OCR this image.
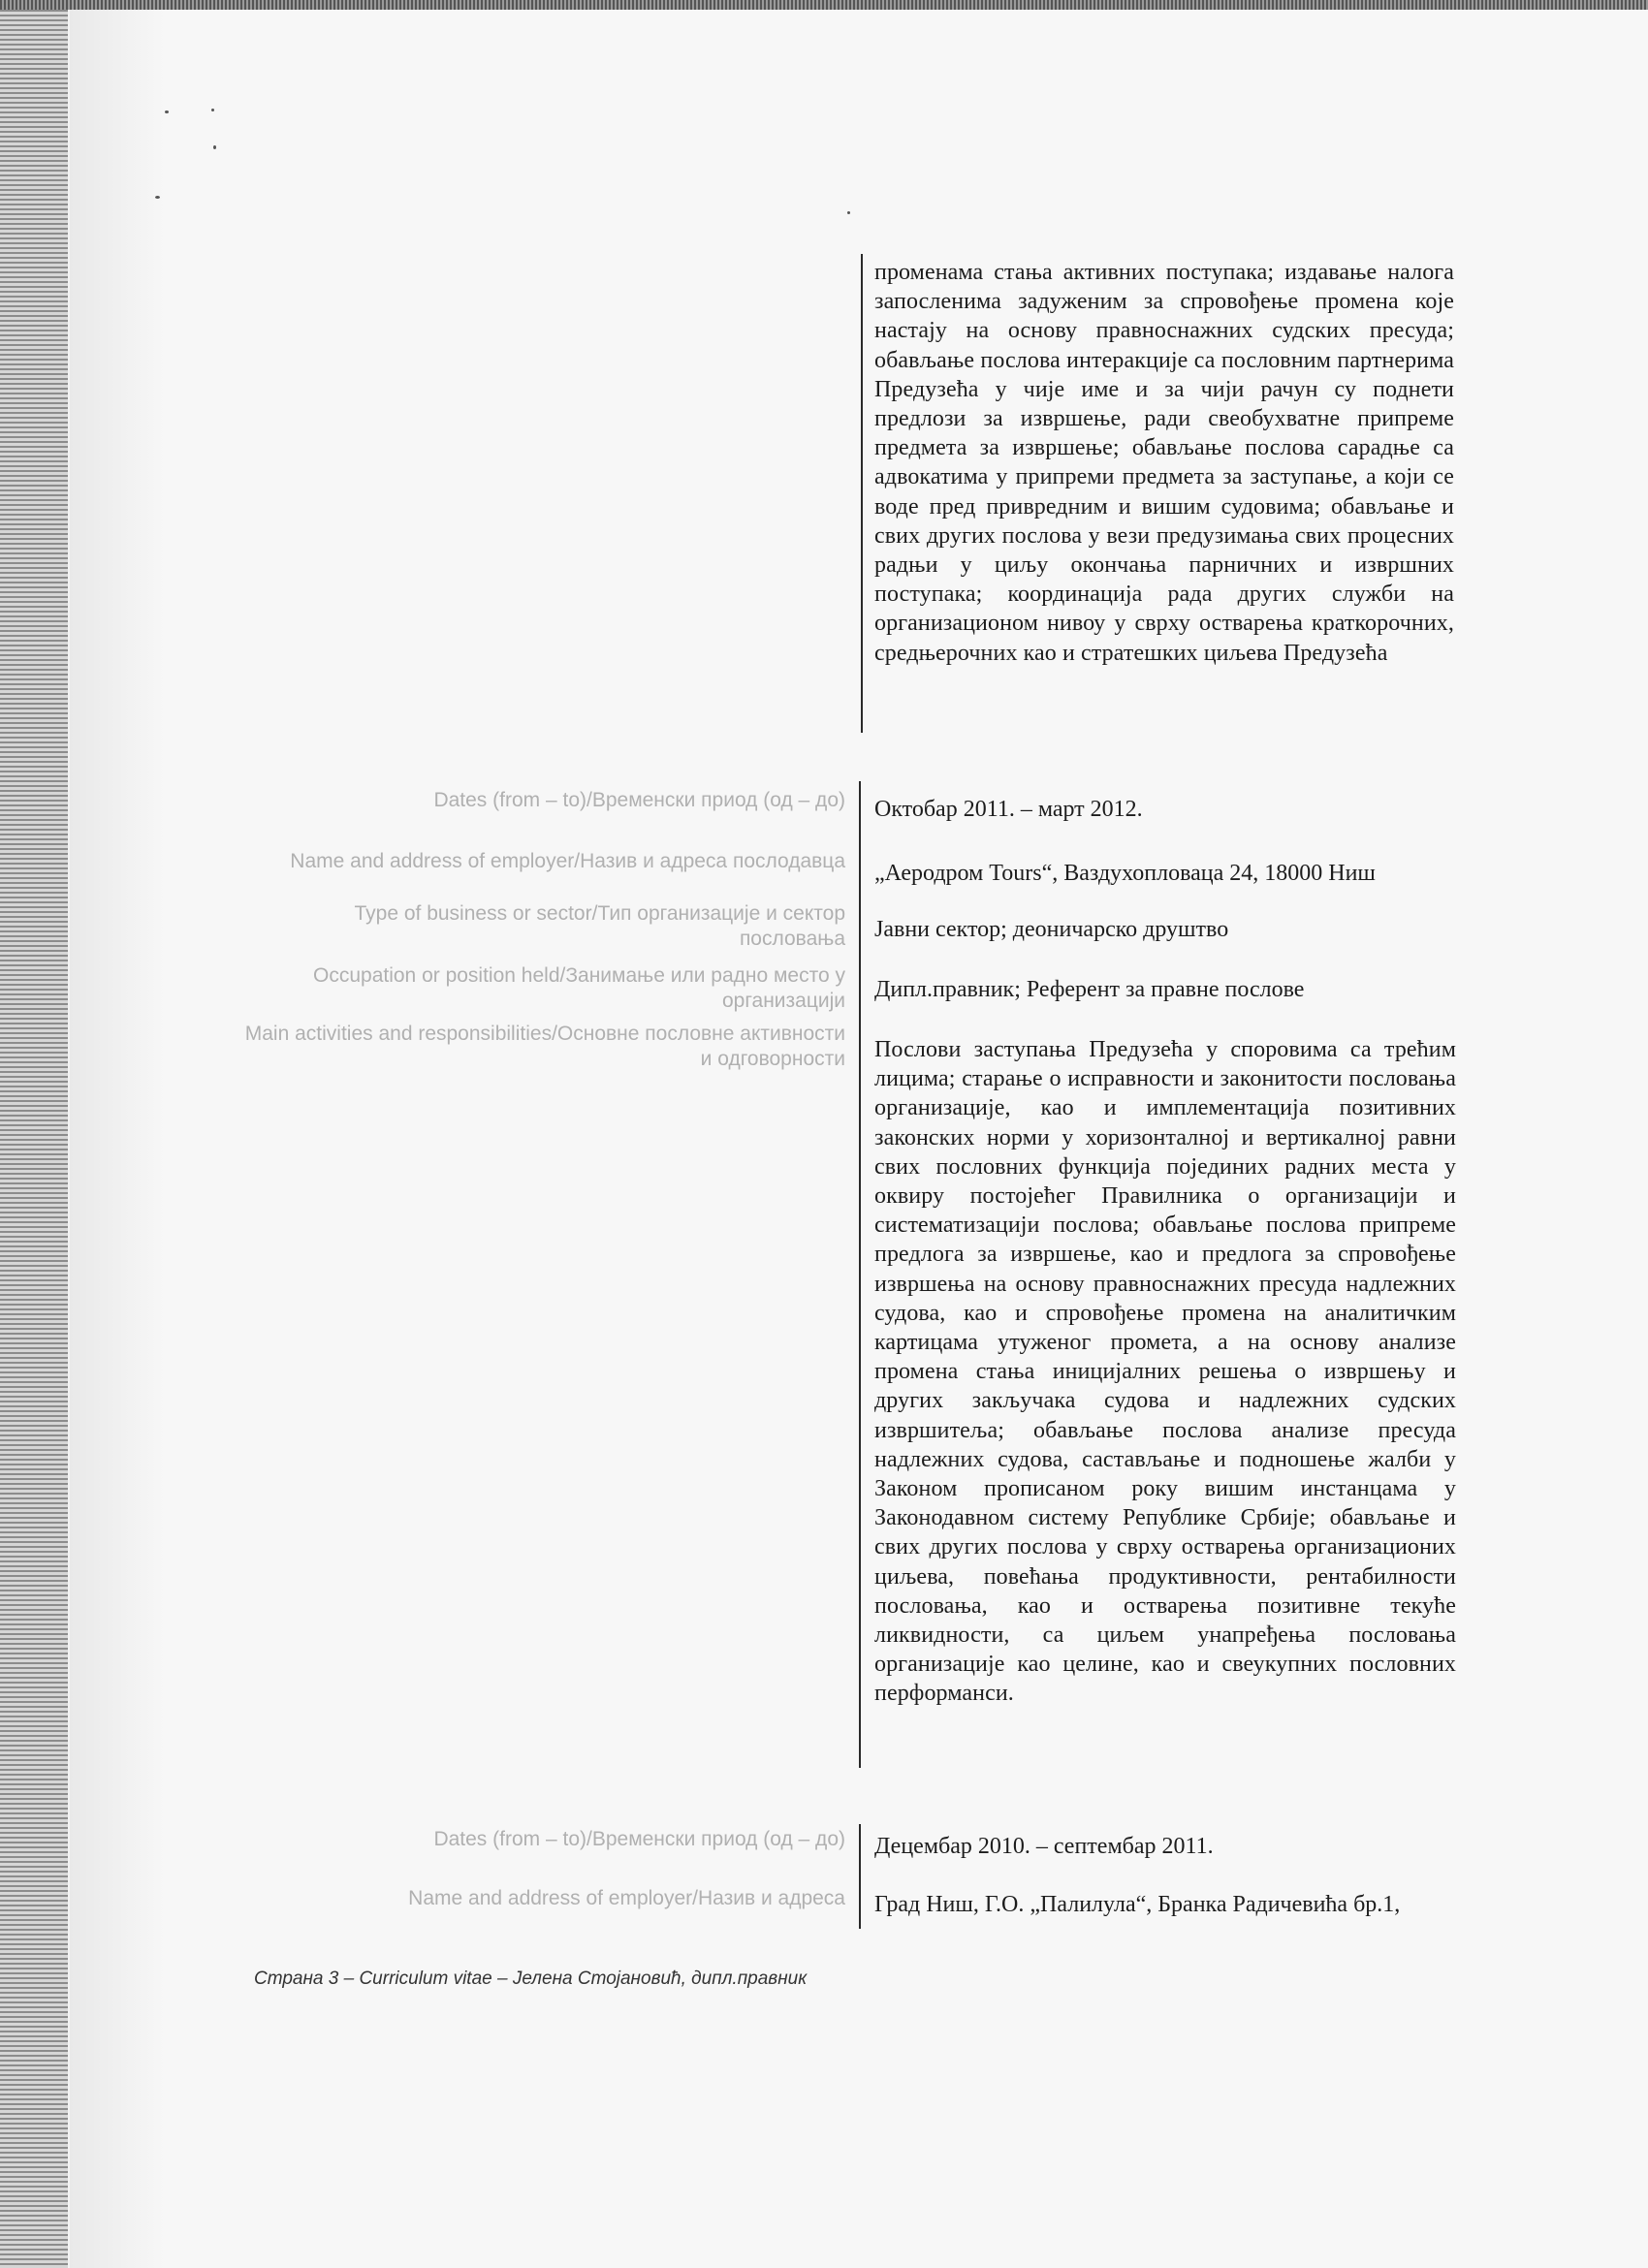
променама стања активних поступака; издавање налога запосленима задуженим за спровођење промена које настају на основу правноснажних судских пресуда; обављање послова интеракције са пословним партнерима Предузећа у чије име и за чији рачун су поднети предлози за извршење, ради свеобухватне припреме предмета за извршење; обављање послова сарадње са адвокатима у припреми предмета за заступање, а који се воде пред привредним и вишим судовима; обављање и свих других послова у вези предузимања свих процесних радњи у циљу окончања парничних и извршних поступака; координација рада других служби на организационом нивоу у сврху остварења краткорочних, средњерочних као и стратешких циљева Предузећа
Dates (from – to)/Временски приод (од – до) Октобар 2011. – март 2012.
Name and address of employer/Назив и адреса послодавца „Аеродром Tours“, Ваздухопловаца 24, 18000 Ниш
Type of business or sector/Тип организације и сектор пословања Јавни сектор; деоничарско друштво
Occupation or position held/Занимање или радно место у организацији Дипл.правник; Референт за правне послове
Main activities and responsibilities/Основне пословне активности и одговорности Послови заступања Предузећа у споровима са трећим лицима; старање о исправности и законитости пословања организације, као и имплементација позитивних законских норми у хоризонталној и вертикалној равни свих пословних функција појединих радних места у оквиру постојећег Правилника о организацији и систематизацији послова; обављање послова припреме предлога за извршење, као и предлога за спровођење извршења на основу правноснажних пресуда надлежних судова, као и спровођење промена на аналитичким картицама утуженог промета, а на основу анализе промена стања иницијалних решења о извршењу и других закључака судова и надлежних судских извршитеља; обављање послова анализе пресуда надлежних судова, састављање и подношење жалби у Законом прописаном року вишим инстанцама у Законодавном систему Републике Србије; обављање и свих других послова у сврху остварења организационих циљева, повећања продуктивности, рентабилности пословања, као и остварења позитивне текуће ликвидности, са циљем унапређења пословања организације као целине, као и свеукупних пословних перформанси.
Dates (from – to)/Временски приод (од – до) Децембар 2010. – септембар 2011.
Name and address of employer/Назив и адреса Град Ниш, Г.О. „Палилула“, Бранка Радичевића бр.1,
Страна 3 – Curriculum vitae – Јелена Стојановић, дипл.правник
